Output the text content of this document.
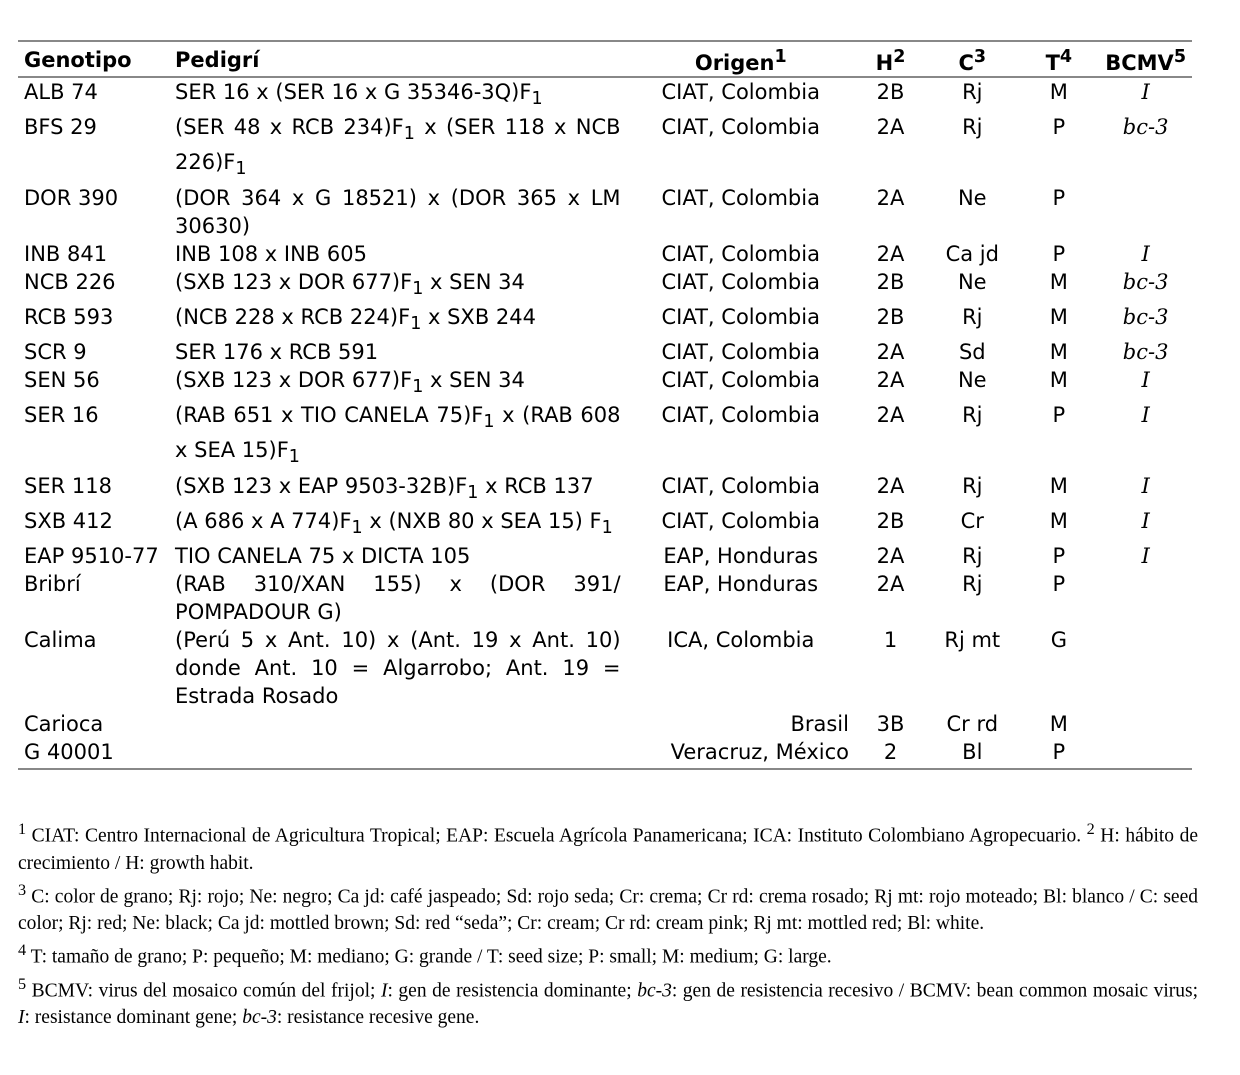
Genotipo	Pedigrí	Origen$^1$	$H^2$	$C^3$	$T^4$	BCMV$^5$
ALB 74	SER 16 x (SER 16 x G $35346-3Q)F_1$	CIAT, Colombia	2B	Rj	M	I
BFS 29	(SER 48 x RCB $234)F_1$ x (SER 118 x NCB $226)F_1$	CIAT, Colombia	2A	Rj	P	bc-3
DOR 390	(DOR 364 x G 18521) x (DOR 365 x LM 30630)	CIAT, Colombia	2A	Ne	P	
INB 841	INB 108 x INB 605	CIAT, Colombia	2A	Ca jd	P	I
NCB 226	(SXB 123 x DOR $677)F_1$ x SEN 34	CIAT, Colombia	2B	Ne	M	bc-3
RCB 593	(NCB 228 x RCB $224)F_1$ x SXB 244	CIAT, Colombia	2B	Rj	M	bc-3
SCR 9	SER 176 x RCB 591	CIAT, Colombia	2A	Sd	M	bc-3
SEN 56	(SXB 123 x DOR $677)F_1$ x SEN 34	CIAT, Colombia	2A	Ne	M	I
SER 16	(RAB 651 x TIO CANELA $75)F_1$ x (RAB 608 x SEA $15)F_1$	CIAT, Colombia	2A	Rj	P	I
SER 118	(SXB 123 x EAP $9503-32B)F_1$ x RCB 137	CIAT, Colombia	2A	Rj	M	I
SXB 412	(A 686 x A $774)F_1$ x (NXB 80 x SEA 15) $F_1$	CIAT, Colombia	2B	Cr	M	I
EAP 9510-77	TIO CANELA 75 x DICTA 105	EAP, Honduras	2A	Rj	P	I
Bribrí	(RAB 310/XAN 155) x (DOR 391/ POMPADOUR G)	EAP, Honduras	2A	Rj	P	
Calima	(Perú 5 x Ant. 10) x (Ant. 19 x Ant. 10) donde Ant. 10 = Algarrobo; Ant. 19 = Estrada Rosado	ICA, Colombia	1	Rj mt	G	
Carioca		Brasil	3B	Cr rd	M	
G 40001		Veracruz, México	2	Bl	P	

$^1$ CIAT: Centro Internacional de Agricultura Tropical; EAP: Escuela Agrícola Panamericana; ICA: Instituto Colombiano Agropecuario. $^2$ H: hábito de crecimiento / H: growth habit.

$^3$ C: color de grano; Rj: rojo; Ne: negro; Ca jd: café jaspeado; Sd: rojo seda; Cr: crema; Cr rd: crema rosado; Rj mt: rojo moteado; Bl: blanco / C: seed color; Rj: red; Ne: black; Ca jd: mottled brown; Sd: red “seda”; Cr: cream; Cr rd: cream pink; Rj mt: mottled red; Bl: white.

$^4$ T: tamaño de grano; P: pequeño; M: mediano; G: grande / T: seed size; P: small; M: medium; G: large.

$^5$ BCMV: virus del mosaico común del frijol; I: gen de resistencia dominante; bc-3: gen de resistencia recesivo / BCMV: bean common mosaic virus; I: resistance dominant gene; bc-3: resistance recesive gene.
